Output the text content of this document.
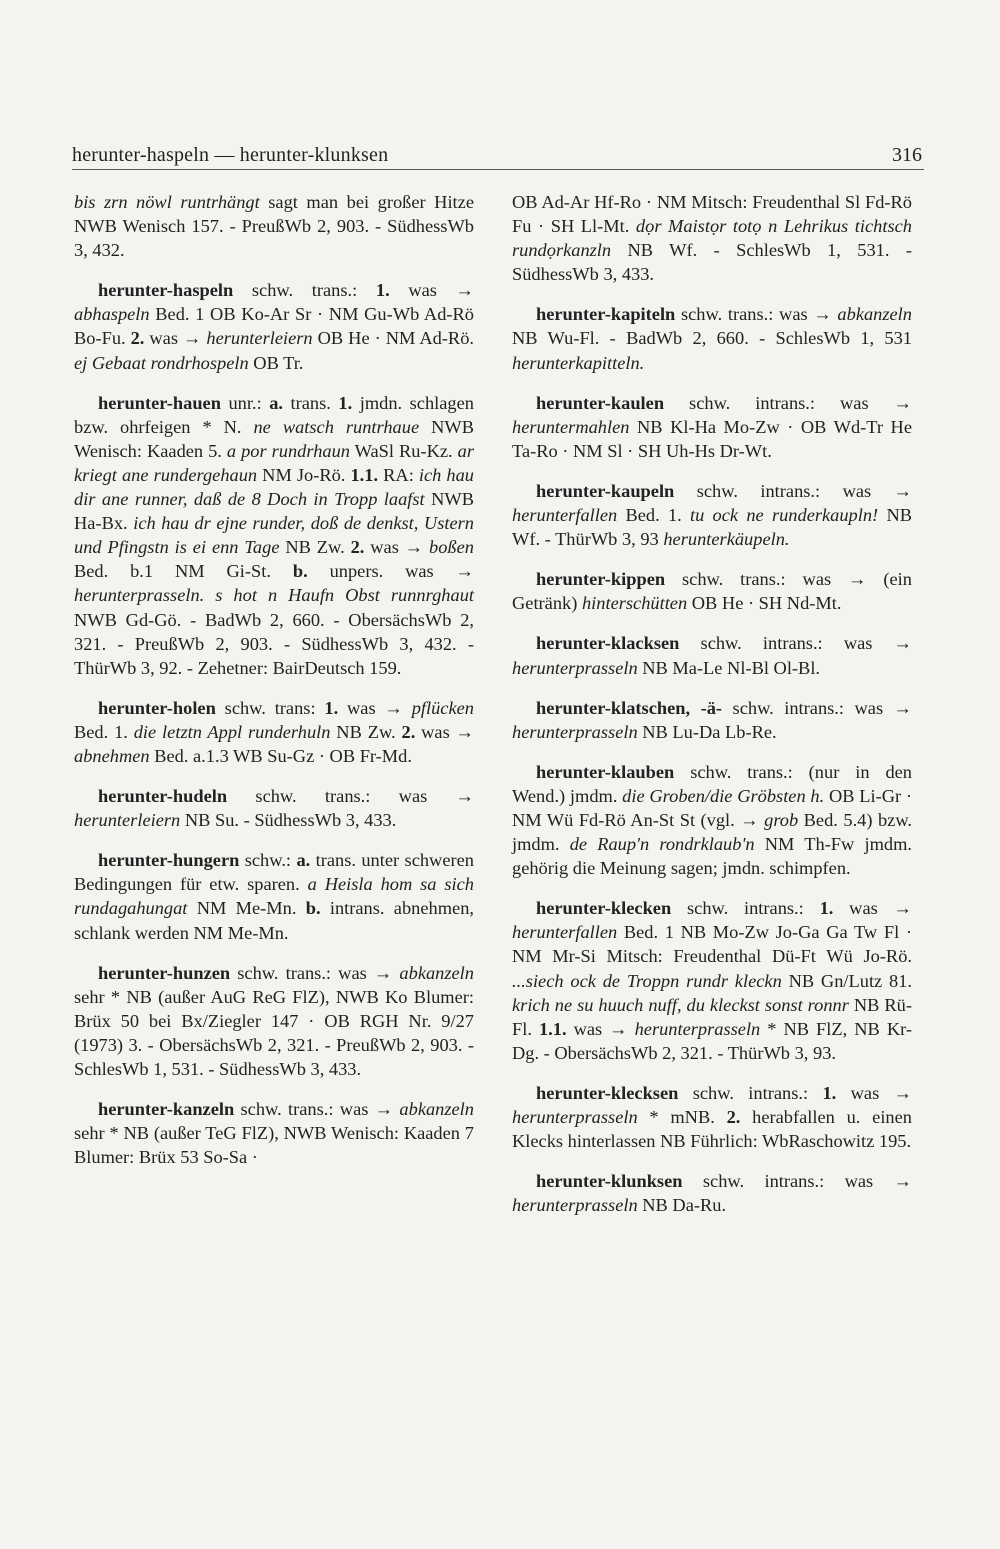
herunter-haspeln — herunter-klunksen	316

bis zrn nöwl runtrhängt sagt man bei großer Hitze NWB Wenisch 157. - PreußWb 2, 903. - SüdhessWb 3, 432.

herunter-haspeln schw. trans.: 1. was → abhaspeln Bed. 1 OB Ko-Ar Sr · NM Gu-Wb Ad-Rö Bo-Fu. 2. was → herunterleiern OB He · NM Ad-Rö. ej Gebaat rondrhospeln OB Tr.

herunter-hauen unr.: a. trans. 1. jmdn. schlagen bzw. ohrfeigen * N. ne watsch runtrhaue NWB Wenisch: Kaaden 5. a por rundrhaun WaSl Ru-Kz. ar kriegt ane rundergehaun NM Jo-Rö. 1.1. RA: ich hau dir ane runner, daß de 8 Doch in Tropp laafst NWB Ha-Bx. ich hau dr ejne runder, doß de denkst, Ustern und Pfingstn is ei enn Tage NB Zw. 2. was → boßen Bed. b.1 NM Gi-St. b. unpers. was → herunterprasseln. s hot n Haufn Obst runnrghaut NWB Gd-Gö. - BadWb 2, 660. - ObersächsWb 2, 321. - PreußWb 2, 903. - SüdhessWb 3, 432. - ThürWb 3, 92. - Zehetner: BairDeutsch 159.

herunter-holen schw. trans: 1. was → pflücken Bed. 1. die letztn Appl runderhuln NB Zw. 2. was → abnehmen Bed. a.1.3 WB Su-Gz · OB Fr-Md.

herunter-hudeln schw. trans.: was → herunterleiern NB Su. - SüdhessWb 3, 433.

herunter-hungern schw.: a. trans. unter schweren Bedingungen für etw. sparen. a Heisla hom sa sich rundagahungat NM Me-Mn. b. intrans. abnehmen, schlank werden NM Me-Mn.

herunter-hunzen schw. trans.: was → abkanzeln sehr * NB (außer AuG ReG FlZ), NWB Ko Blumer: Brüx 50 bei Bx/Ziegler 147 · OB RGH Nr. 9/27 (1973) 3. - ObersächsWb 2, 321. - PreußWb 2, 903. - SchlesWb 1, 531. - SüdhessWb 3, 433.

herunter-kanzeln schw. trans.: was → abkanzeln sehr * NB (außer TeG FlZ), NWB Wenisch: Kaaden 7 Blumer: Brüx 53 So-Sa ·

OB Ad-Ar Hf-Ro · NM Mitsch: Freudenthal Sl Fd-Rö Fu · SH Ll-Mt. dọr Maistọr totọ n Lehrikus tichtsch rundọrkanzln NB Wf. - SchlesWb 1, 531. - SüdhessWb 3, 433.

herunter-kapiteln schw. trans.: was → abkanzeln NB Wu-Fl. - BadWb 2, 660. - SchlesWb 1, 531 herunterkapitteln.

herunter-kaulen schw. intrans.: was → heruntermahlen NB Kl-Ha Mo-Zw · OB Wd-Tr He Ta-Ro · NM Sl · SH Uh-Hs Dr-Wt.

herunter-kaupeln schw. intrans.: was → herunterfallen Bed. 1. tu ock ne runderkaupln! NB Wf. - ThürWb 3, 93 herunterkäupeln.

herunter-kippen schw. trans.: was → (ein Getränk) hinterschütten OB He · SH Nd-Mt.

herunter-klacksen schw. intrans.: was → herunterprasseln NB Ma-Le Nl-Bl Ol-Bl.

herunter-klatschen, -ä- schw. intrans.: was → herunterprasseln NB Lu-Da Lb-Re.

herunter-klauben schw. trans.: (nur in den Wend.) jmdm. die Groben/die Gröbsten h. OB Li-Gr · NM Wü Fd-Rö An-St St (vgl. → grob Bed. 5.4) bzw. jmdm. de Raup'n rondrklaub'n NM Th-Fw jmdm. gehörig die Meinung sagen; jmdn. schimpfen.

herunter-klecken schw. intrans.: 1. was → herunterfallen Bed. 1 NB Mo-Zw Jo-Ga Ga Tw Fl · NM Mr-Si Mitsch: Freudenthal Dü-Ft Wü Jo-Rö. ...siech ock de Troppn rundr kleckn NB Gn/Lutz 81. krich ne su huuch nuff, du kleckst sonst ronnr NB Rü-Fl. 1.1. was → herunterprasseln * NB FlZ, NB Kr-Dg. - ObersächsWb 2, 321. - ThürWb 3, 93.

herunter-klecksen schw. intrans.: 1. was → herunterprasseln * mNB. 2. herabfallen u. einen Klecks hinterlassen NB Führlich: WbRaschowitz 195.

herunter-klunksen schw. intrans.: was → herunterprasseln NB Da-Ru.
